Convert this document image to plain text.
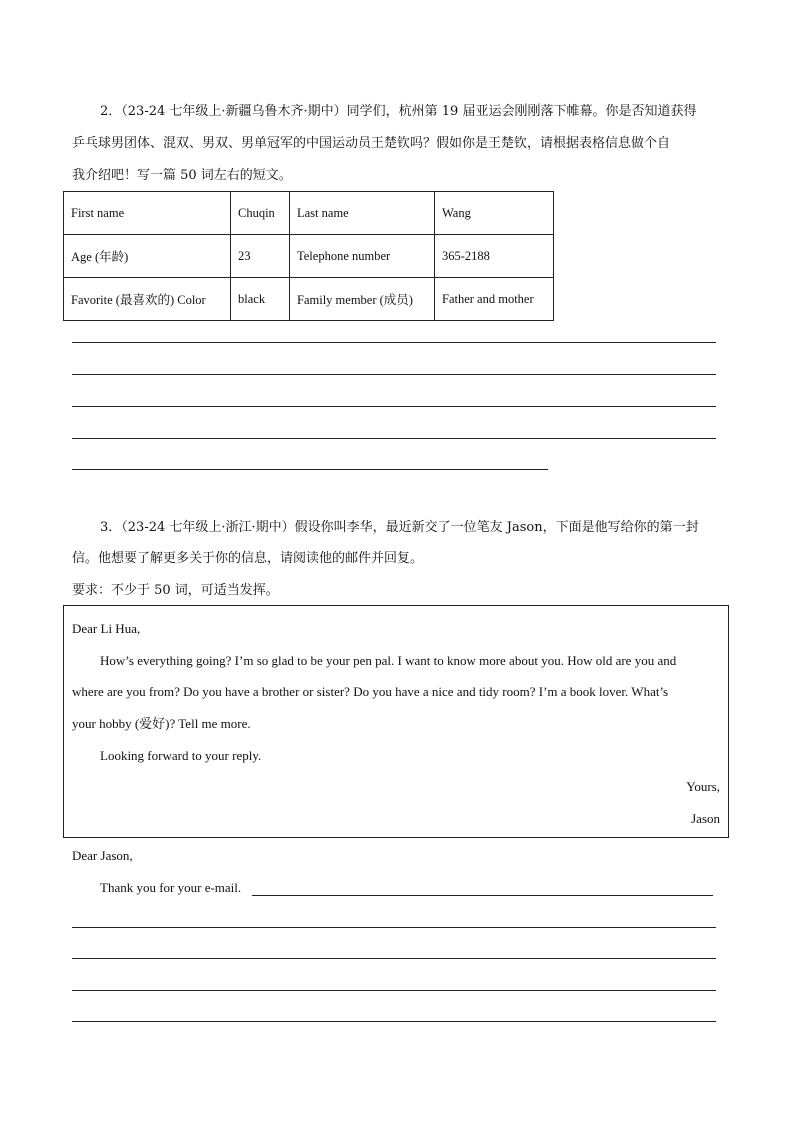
2．（23-24 七年级上·新疆乌鲁木齐·期中）同学们，杭州第 19 届亚运会刚刚落下帷幕。你是否知道获得
乒乓球男团体、混双、男双、男单冠军的中国运动员王楚钦吗？假如你是王楚钦，请根据表格信息做个自
我介绍吧！写一篇 50 词左右的短文。
First name	Chuqin	Last name	Wang
Age (年龄)	23	Telephone number	365-2188
Favorite (最喜欢的) Color	black	Family member (成员)	Father and mother
3．（23-24 七年级上·浙江·期中）假设你叫李华，最近新交了一位笔友 Jason，下面是他写给你的第一封
信。他想要了解更多关于你的信息，请阅读他的邮件并回复。
要求：不少于 50 词，可适当发挥。
Dear Li Hua,
How’s everything going? I’m so glad to be your pen pal. I want to know more about you. How old are you and
where are you from? Do you have a brother or sister? Do you have a nice and tidy room? I’m a book lover. What’s
your hobby (爱好)? Tell me more.
Looking forward to your reply.
Yours,
Jason
Dear Jason,
Thank you for your e-mail.
